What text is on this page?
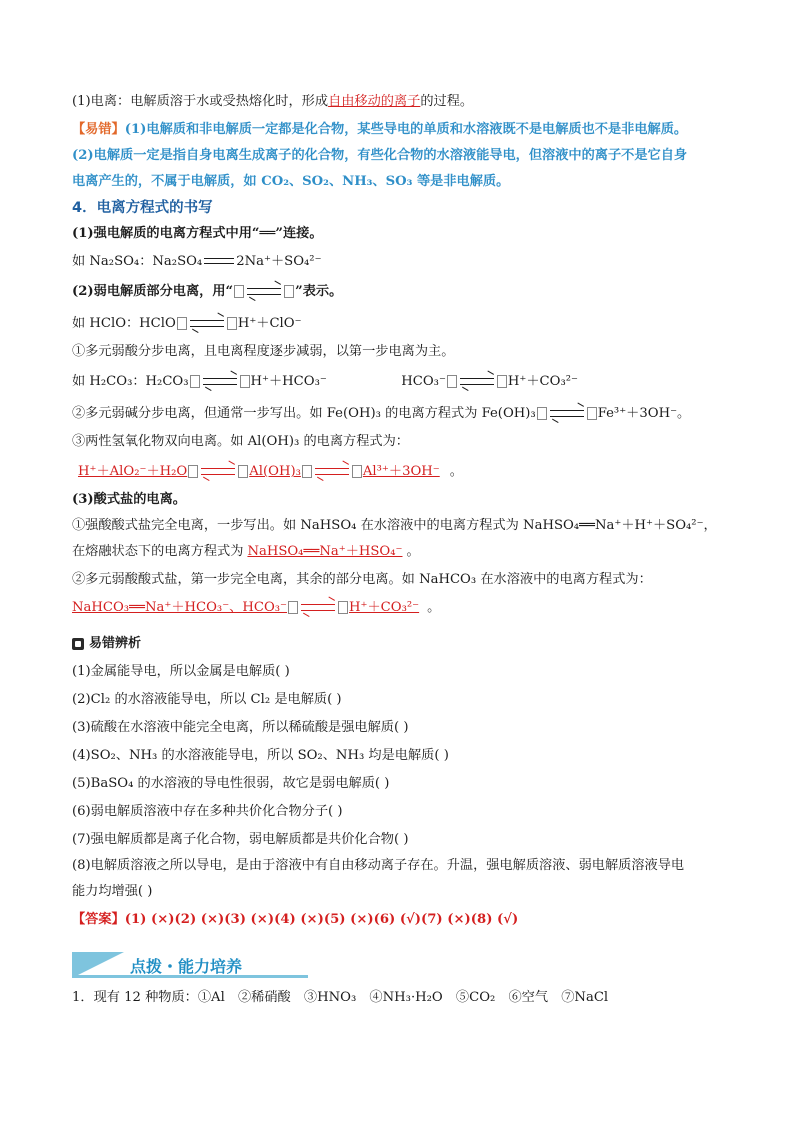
(1)电离：电解质溶于水或受热熔化时，形成自由移动的离子的过程。
【易错】(1)电解质和非电解质一定都是化合物，某些导电的单质和水溶液既不是电解质也不是非电解质。
(2)电解质一定是指自身电离生成离子的化合物，有些化合物的水溶液能导电，但溶液中的离子不是它自身
电离产生的，不属于电解质，如 CO₂、SO₂、NH₃、SO₃ 等是非电解质。
4．电离方程式的书写
(1)强电解质的电离方程式中用“══”连接。
如 Na₂SO₄：Na₂SO₄	2Na⁺＋SO₄²⁻
(2)弱电解质部分电离，用“	”表示。
如 HClO：HClO	H⁺＋ClO⁻
①多元弱酸分步电离，且电离程度逐步减弱，以第一步电离为主。
如 H₂CO₃：H₂CO₃	H⁺＋HCO₃⁻	HCO₃⁻	H⁺＋CO₃²⁻
②多元弱碱分步电离，但通常一步写出。如 Fe(OH)₃ 的电离方程式为 Fe(OH)₃	Fe³⁺＋3OH⁻。
③两性氢氧化物双向电离。如 Al(OH)₃ 的电离方程式为：
H⁺＋AlO₂⁻＋H₂O	Al(OH)₃	Al³⁺＋3OH⁻ 。
(3)酸式盐的电离。
①强酸酸式盐完全电离，一步写出。如 NaHSO₄ 在水溶液中的电离方程式为 NaHSO₄══Na⁺＋H⁺＋SO₄²⁻，
在熔融状态下的电离方程式为 NaHSO₄══Na⁺＋HSO₄⁻ 。
②多元弱酸酸式盐，第一步完全电离，其余的部分电离。如 NaHCO₃ 在水溶液中的电离方程式为：
NaHCO₃══Na⁺＋HCO₃⁻、HCO₃⁻	H⁺＋CO₃²⁻ 。
易错辨析
(1)金属能导电，所以金属是电解质( )
(2)Cl₂ 的水溶液能导电，所以 Cl₂ 是电解质( )
(3)硫酸在水溶液中能完全电离，所以稀硫酸是强电解质( )
(4)SO₂、NH₃ 的水溶液能导电，所以 SO₂、NH₃ 均是电解质( )
(5)BaSO₄ 的水溶液的导电性很弱，故它是弱电解质( )
(6)弱电解质溶液中存在多种共价化合物分子( )
(7)强电解质都是离子化合物，弱电解质都是共价化合物( )
(8)电解质溶液之所以导电，是由于溶液中有自由移动离子存在。升温，强电解质溶液、弱电解质溶液导电
能力均增强( )
【答案】(1) (×)(2) (×)(3) (×)(4) (×)(5) (×)(6) (√)(7) (×)(8) (√)
点拨・能力培养
1．现有 12 种物质：①Al　②稀硝酸　③HNO₃　④NH₃·H₂O　⑤CO₂　⑥空气　⑦NaCl
